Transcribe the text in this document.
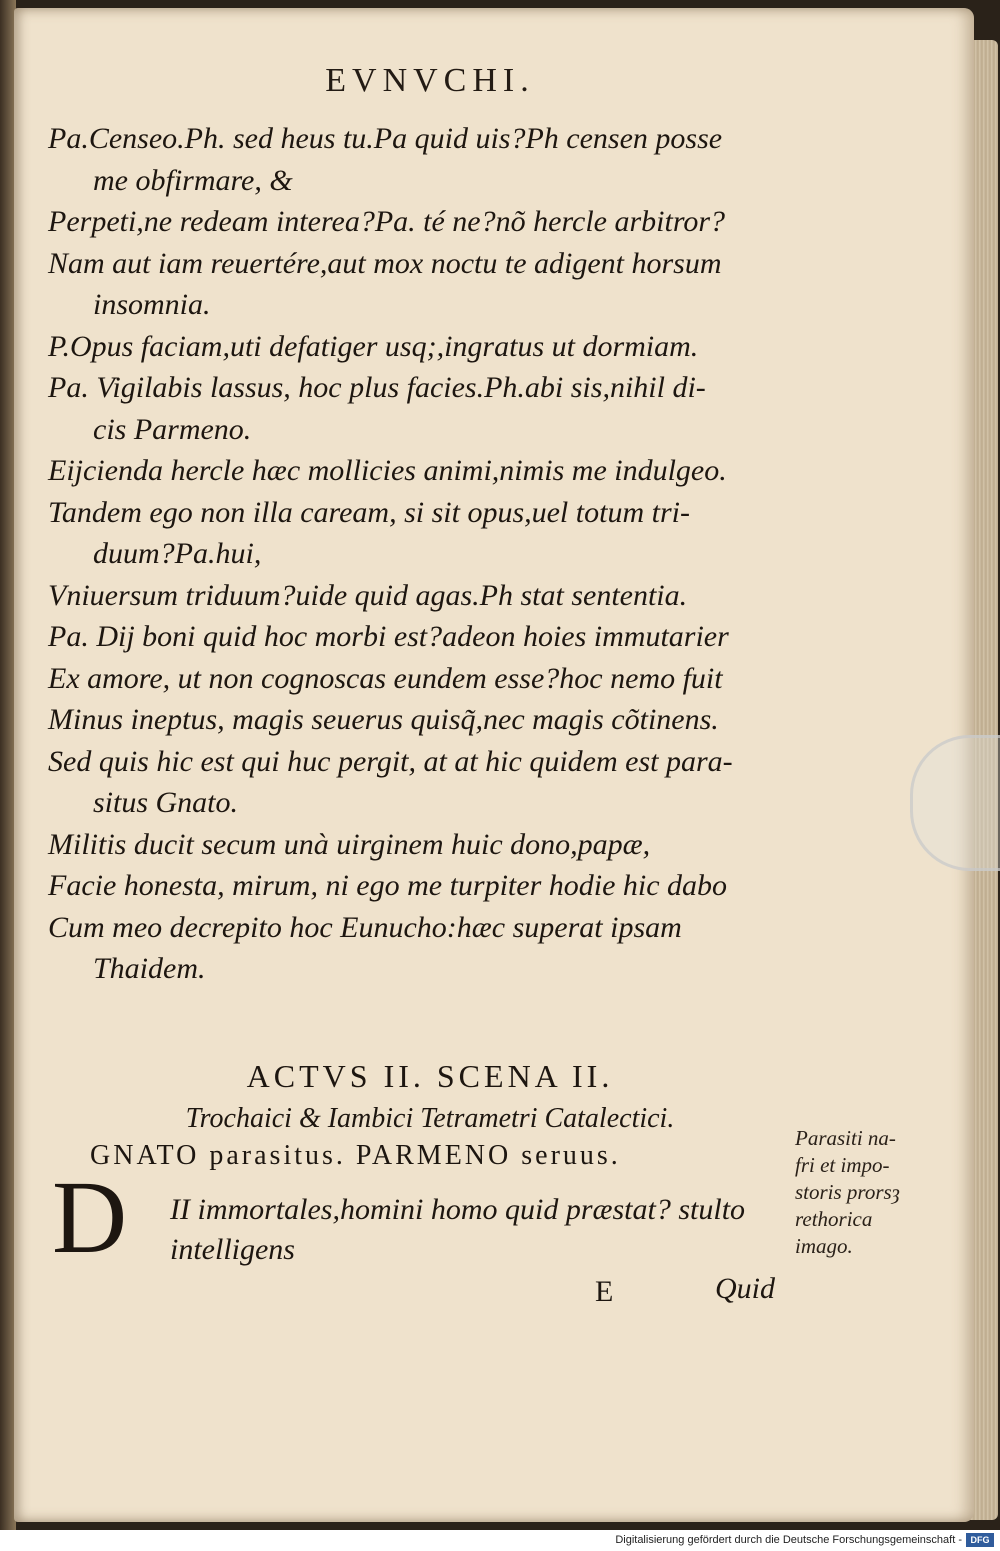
EVNVCHI.
Pa.Censeo.Ph. sed heus tu.Pa quid uis?Ph censen posse
me obfirmare, &
Perpeti,ne redeam interea?Pa. té ne?nõ hercle arbitror?
Nam aut iam reuertére,aut mox noctu te adigent horsum
insomnia.
P.Opus faciam,uti defatiger usq;,ingratus ut dormiam.
Pa. Vigilabis lassus, hoc plus facies.Ph.abi sis,nihil di-
cis Parmeno.
Eijcienda hercle hæc mollicies animi,nimis me indulgeo.
Tandem ego non illa caream, si sit opus,uel totum tri-
duum?Pa.hui,
Vniuersum triduum?uide quid agas.Ph stat sententia.
Pa. Dij boni quid hoc morbi est?adeon hoies immutarier
Ex amore, ut non cognoscas eundem esse?hoc nemo fuit
Minus ineptus, magis seuerus quisq̃,nec magis cõtinens.
Sed quis hic est qui huc pergit, at at hic quidem est para-
situs Gnato.
Militis ducit secum unà uirginem huic dono,papæ,
Facie honesta, mirum, ni ego me turpiter hodie hic dabo
Cum meo decrepito hoc Eunucho:hæc superat ipsam
Thaidem.
ACTVS II. SCENA II.
Trochaici & Iambici Tetrametri Catalectici.
GNATO parasitus. PARMENO seruus.
D II immortales,homini homo quid præstat? stulto
intelligens
Parasiti na-
fri et impo-
storis prorsȝ
rethorica
imago.
E	Quid
Digitalisierung gefördert durch die Deutsche Forschungsgemeinschaft - DFG
